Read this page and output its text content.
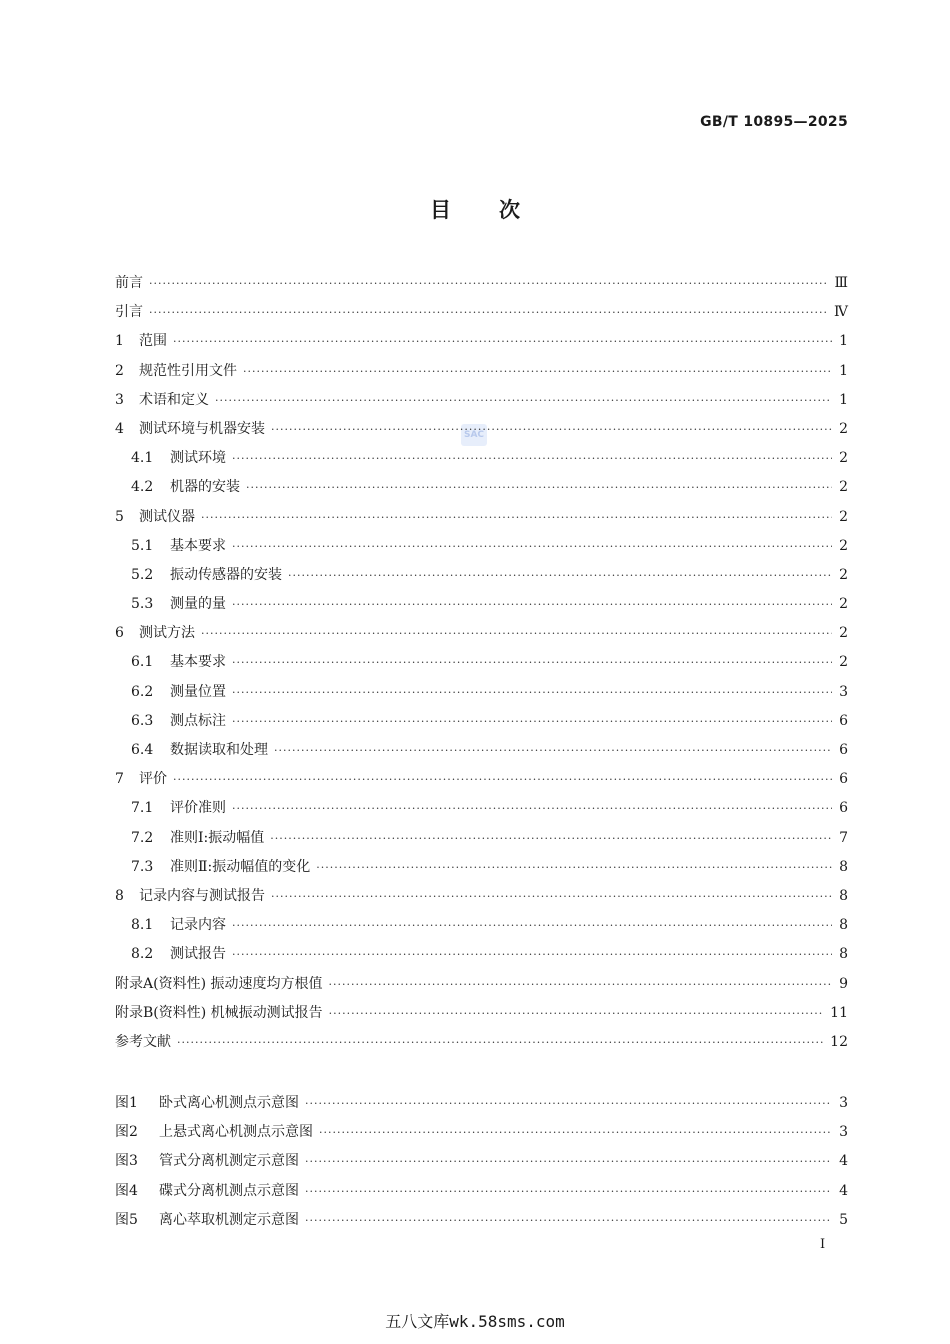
GB/T 10895—2025
目次
SAC
前言 ·····	Ⅲ
引言 ·····	Ⅳ
1	范围 ·····	1
2	规范性引用文件 ·····	1
3	术语和定义 ·····	1
4	测试环境与机器安装 ·····	2
4.1	测试环境 ·····	2
4.2	机器的安装 ·····	2
5	测试仪器 ·····	2
5.1	基本要求 ·····	2
5.2	振动传感器的安装 ·····	2
5.3	测量的量 ·····	2
6	测试方法 ·····	2
6.1	基本要求 ·····	2
6.2	测量位置 ·····	3
6.3	测点标注 ·····	6
6.4	数据读取和处理 ·····	6
7	评价 ·····	6
7.1	评价准则 ·····	6
7.2	准则Ⅰ:振动幅值 ·····	7
7.3	准则Ⅱ:振动幅值的变化 ·····	8
8	记录内容与测试报告 ·····	8
8.1	记录内容 ·····	8
8.2	测试报告 ·····	8
附录A(资料性) 振动速度均方根值 ·····	9
附录B(资料性) 机械振动测试报告 ·····	11
参考文献 ·····	12
图1	卧式离心机测点示意图 ·····	3
图2	上悬式离心机测点示意图 ·····	3
图3	管式分离机测定示意图 ·····	4
图4	碟式分离机测点示意图 ·····	4
图5	离心萃取机测定示意图 ·····	5
I
五八文库wk.58sms.com
